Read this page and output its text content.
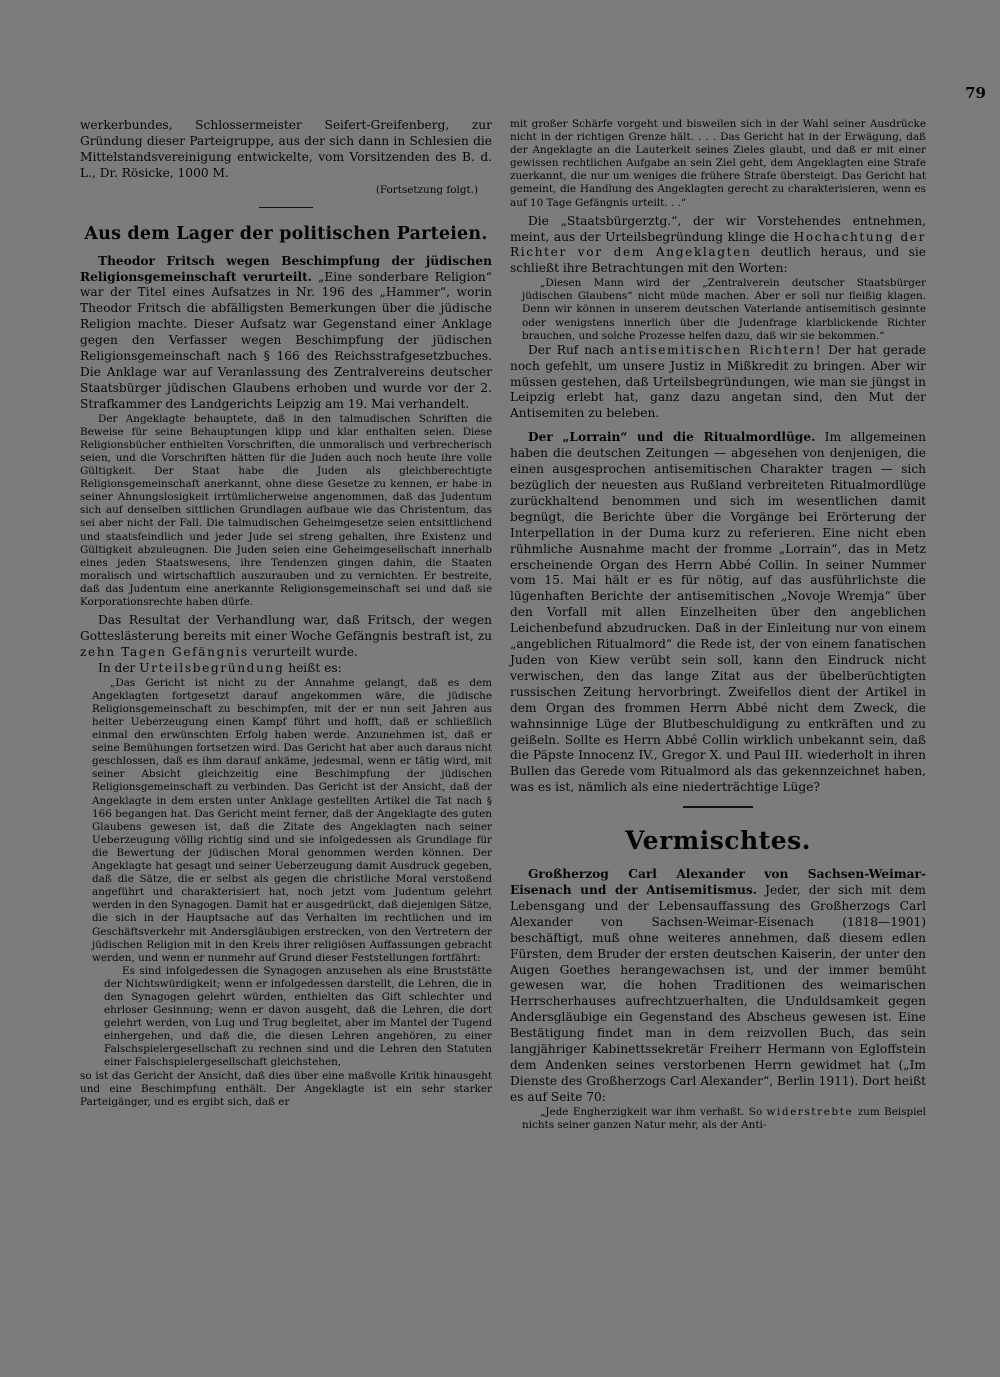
79

werkerbundes, Schlossermeister Seifert-Greifenberg, zur Gründung dieser Parteigruppe, aus der sich dann in Schlesien die Mittelstandsvereinigung entwickelte, vom Vorsitzenden des B. d. L., Dr. Rösicke, 1000 M.

(Fortsetzung folgt.)
Aus dem Lager der politischen Parteien.

Theodor Fritsch wegen Beschimpfung der jüdischen Religionsgemeinschaft verurteilt. „Eine sonderbare Religion“ war der Titel eines Aufsatzes in Nr. 196 des „Hammer“, worin Theodor Fritsch die abfälligsten Bemerkungen über die jüdische Religion machte. Dieser Aufsatz war Gegenstand einer Anklage gegen den Verfasser wegen Beschimpfung der jüdischen Religionsgemeinschaft nach § 166 des Reichsstrafgesetzbuches. Die Anklage war auf Veranlassung des Zentralvereins deutscher Staatsbürger jüdischen Glaubens erhoben und wurde vor der 2. Strafkammer des Landgerichts Leipzig am 19. Mai verhandelt.

Der Angeklagte behauptete, daß in den talmudischen Schriften die Beweise für seine Behauptungen klipp und klar enthalten seien. Diese Religionsbücher enthielten Vorschriften, die unmoralisch und verbrecherisch seien, und die Vorschriften hätten für die Juden auch noch heute ihre volle Gültigkeit. Der Staat habe die Juden als gleichberechtigte Religionsgemeinschaft anerkannt, ohne diese Gesetze zu kennen, er habe in seiner Ahnungslosigkeit irrtümlicherweise angenommen, daß das Judentum sich auf denselben sittlichen Grundlagen aufbaue wie das Christentum, das sei aber nicht der Fall. Die talmudischen Geheimgesetze seien entsittlichend und staatsfeindlich und jeder Jude sei streng gehalten, ihre Existenz und Gültigkeit abzuleugnen. Die Juden seien eine Geheimgesellschaft innerhalb eines jeden Staatswesens, ihre Tendenzen gingen dahin, die Staaten moralisch und wirtschaftlich auszurauben und zu vernichten. Er bestreite, daß das Judentum eine anerkannte Religionsgemeinschaft sei und daß sie Korporationsrechte haben dürfe.

Das Resultat der Verhandlung war, daß Fritsch, der wegen Gotteslästerung bereits mit einer Woche Gefängnis bestraft ist, zu zehn Tagen Gefängnis verurteilt wurde.

In der Urteilsbegründung heißt es:

„Das Gericht ist nicht zu der Annahme gelangt, daß es dem Angeklagten fortgesetzt darauf angekommen wäre, die jüdische Religionsgemeinschaft zu beschimpfen, mit der er nun seit Jahren aus heiter Ueberzeugung einen Kampf führt und hofft, daß er schließlich einmal den erwünschten Erfolg haben werde. Anzunehmen ist, daß er seine Bemühungen fortsetzen wird. Das Gericht hat aber auch daraus nicht geschlossen, daß es ihm darauf ankäme, jedesmal, wenn er tätig wird, mit seiner Absicht gleichzeitig eine Beschimpfung der jüdischen Religionsgemeinschaft zu verbinden. Das Gericht ist der Ansicht, daß der Angeklagte in dem ersten unter Anklage gestellten Artikel die Tat nach § 166 begangen hat. Das Gericht meint ferner, daß der Angeklagte des guten Glaubens gewesen ist, daß die Zitate des Angeklagten nach seiner Ueberzeugung völlig richtig sind und sie infolgedessen als Grundlage für die Bewertung der jüdischen Moral genommen werden können. Der Angeklagte hat gesagt und seiner Ueberzeugung damit Ausdruck gegeben, daß die Sätze, die er selbst als gegen die christliche Moral verstoßend angeführt und charakterisiert hat, noch jetzt vom Judentum gelehrt werden in den Synagogen. Damit hat er ausgedrückt, daß diejenigen Sätze, die sich in der Hauptsache auf das Verhalten im rechtlichen und im Geschäftsverkehr mit Andersgläubigen erstrecken, von den Vertretern der jüdischen Religion mit in den Kreis ihrer religiösen Auffassungen gebracht werden, und wenn er nunmehr auf Grund dieser Feststellungen fortfährt:

Es sind infolgedessen die Synagogen anzusehen als eine Bruststätte der Nichtswürdigkeit; wenn er infolgedessen darstellt, die Lehren, die in den Synagogen gelehrt würden, enthielten das Gift schlechter und ehrloser Gesinnung; wenn er davon ausgeht, daß die Lehren, die dort gelehrt werden, von Lug und Trug begleitet, aber im Mantel der Tugend einhergehen, und daß die, die diesen Lehren angehören, zu einer Falschspielergesellschaft zu rechnen sind und die Lehren den Statuten einer Falschspielergesellschaft gleichstehen,

so ist das Gericht der Ansicht, daß dies über eine maßvolle Kritik hinausgeht und eine Beschimpfung enthält. Der Angeklagte ist ein sehr starker Parteigänger, und es ergibt sich, daß er

mit großer Schärfe vorgeht und bisweilen sich in der Wahl seiner Ausdrücke nicht in der richtigen Grenze hält. . . . Das Gericht hat in der Erwägung, daß der Angeklagte an die Lauterkeit seines Zieles glaubt, und daß er mit einer gewissen rechtlichen Aufgabe an sein Ziel geht, dem Angeklagten eine Strafe zuerkannt, die nur um weniges die frühere Strafe übersteigt. Das Gericht hat gemeint, die Handlung des Angeklagten gerecht zu charakterisieren, wenn es auf 10 Tage Gefängnis urteilt. . .“

Die „Staatsbürgerztg.“, der wir Vorstehendes entnehmen, meint, aus der Urteilsbegründung klinge die Hochachtung der Richter vor dem Angeklagten deutlich heraus, und sie schließt ihre Betrachtungen mit den Worten:

„Diesen Mann wird der „Zentralverein deutscher Staatsbürger jüdischen Glaubens“ nicht müde machen. Aber er soll nur fleißig klagen. Denn wir können in unserem deutschen Vaterlande antisemitisch gesinnte oder wenigstens innerlich über die Judenfrage klarblickende Richter brauchen, und solche Prozesse helfen dazu, daß wir sie bekommen.“

Der Ruf nach antisemitischen Richtern! Der hat gerade noch gefehlt, um unsere Justiz in Mißkredit zu bringen. Aber wir müssen gestehen, daß Urteilsbegründungen, wie man sie jüngst in Leipzig erlebt hat, ganz dazu angetan sind, den Mut der Antisemiten zu beleben.

Der „Lorrain“ und die Ritualmordlüge. Im allgemeinen haben die deutschen Zeitungen — abgesehen von denjenigen, die einen ausgesprochen antisemitischen Charakter tragen — sich bezüglich der neuesten aus Rußland verbreiteten Ritualmordlüge zurückhaltend benommen und sich im wesentlichen damit begnügt, die Berichte über die Vorgänge bei Erörterung der Interpellation in der Duma kurz zu referieren. Eine nicht eben rühmliche Ausnahme macht der fromme „Lorrain“, das in Metz erscheinende Organ des Herrn Abbé Collin. In seiner Nummer vom 15. Mai hält er es für nötig, auf das ausführlichste die lügenhaften Berichte der antisemitischen „Novoje Wremja“ über den Vorfall mit allen Einzelheiten über den angeblichen Leichenbefund abzudrucken. Daß in der Einleitung nur von einem „angeblichen Ritualmord“ die Rede ist, der von einem fanatischen Juden von Kiew verübt sein soll, kann den Eindruck nicht verwischen, den das lange Zitat aus der übelberüchtigten russischen Zeitung hervorbringt. Zweifellos dient der Artikel in dem Organ des frommen Herrn Abbé nicht dem Zweck, die wahnsinnige Lüge der Blutbeschuldigung zu entkräften und zu geißeln. Sollte es Herrn Abbé Collin wirklich unbekannt sein, daß die Päpste Innocenz IV., Gregor X. und Paul III. wiederholt in ihren Bullen das Gerede vom Ritualmord als das gekennzeichnet haben, was es ist, nämlich als eine niederträchtige Lüge?

Vermischtes.

Großherzog Carl Alexander von Sachsen-Weimar-Eisenach und der Antisemitismus. Jeder, der sich mit dem Lebensgang und der Lebensauffassung des Großherzogs Carl Alexander von Sachsen-Weimar-Eisenach (1818—1901) beschäftigt, muß ohne weiteres annehmen, daß diesem edlen Fürsten, dem Bruder der ersten deutschen Kaiserin, der unter den Augen Goethes herangewachsen ist, und der immer bemüht gewesen war, die hohen Traditionen des weimarischen Herrscherhauses aufrechtzuerhalten, die Unduldsamkeit gegen Andersgläubige ein Gegenstand des Abscheus gewesen ist. Eine Bestätigung findet man in dem reizvollen Buch, das sein langjähriger Kabinettssekretär Freiherr Hermann von Egloffstein dem Andenken seines verstorbenen Herrn gewidmet hat („Im Dienste des Großherzogs Carl Alexander“, Berlin 1911). Dort heißt es auf Seite 70:

„Jede Engherzigkeit war ihm verhaßt. So widerstrebte zum Beispiel nichts seiner ganzen Natur mehr, als der Anti-
